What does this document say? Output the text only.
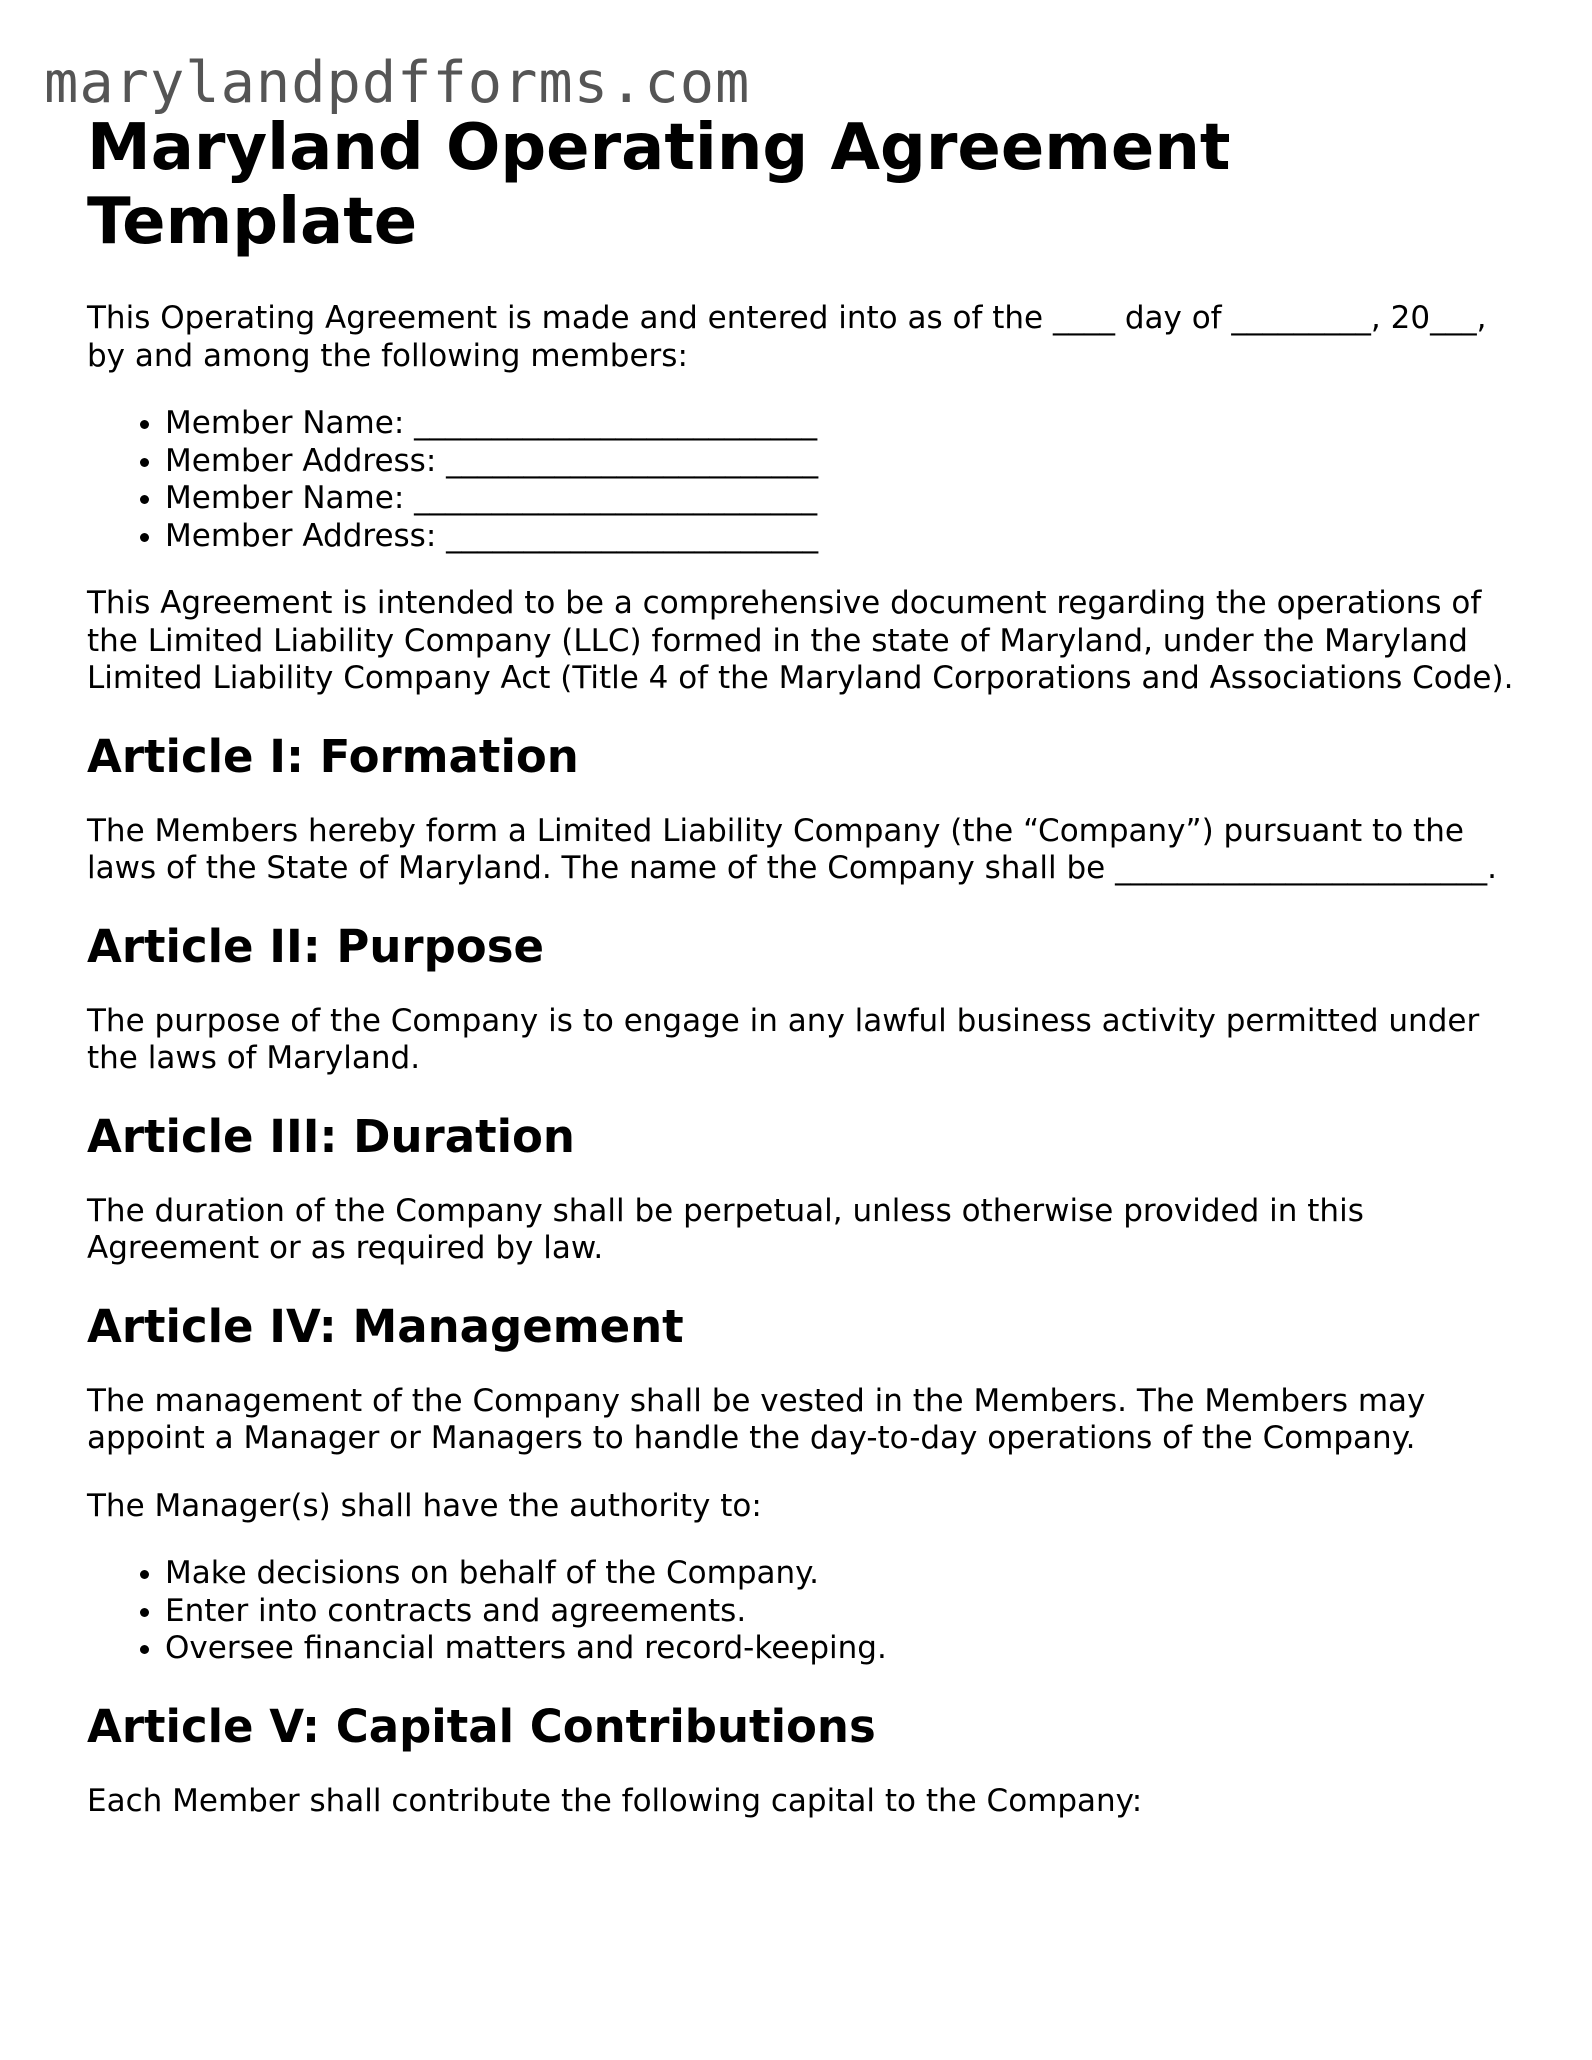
marylandpdfforms.com
Maryland Operating Agreement Template

This Operating Agreement is made and entered into as of the ____ day of _________, 20___, by and among the following members:

• Member Name: __________________________
• Member Address: ________________________
• Member Name: __________________________
• Member Address: ________________________

This Agreement is intended to be a comprehensive document regarding the operations of the Limited Liability Company (LLC) formed in the state of Maryland, under the Maryland Limited Liability Company Act (Title 4 of the Maryland Corporations and Associations Code).

Article I: Formation

The Members hereby form a Limited Liability Company (the “Company”) pursuant to the laws of the State of Maryland. The name of the Company shall be ________________________.

Article II: Purpose

The purpose of the Company is to engage in any lawful business activity permitted under the laws of Maryland.

Article III: Duration

The duration of the Company shall be perpetual, unless otherwise provided in this Agreement or as required by law.

Article IV: Management

The management of the Company shall be vested in the Members. The Members may appoint a Manager or Managers to handle the day-to-day operations of the Company.

The Manager(s) shall have the authority to:

• Make decisions on behalf of the Company.
• Enter into contracts and agreements.
• Oversee financial matters and record-keeping.
Article V: Capital Contributions

Each Member shall contribute the following capital to the Company:
